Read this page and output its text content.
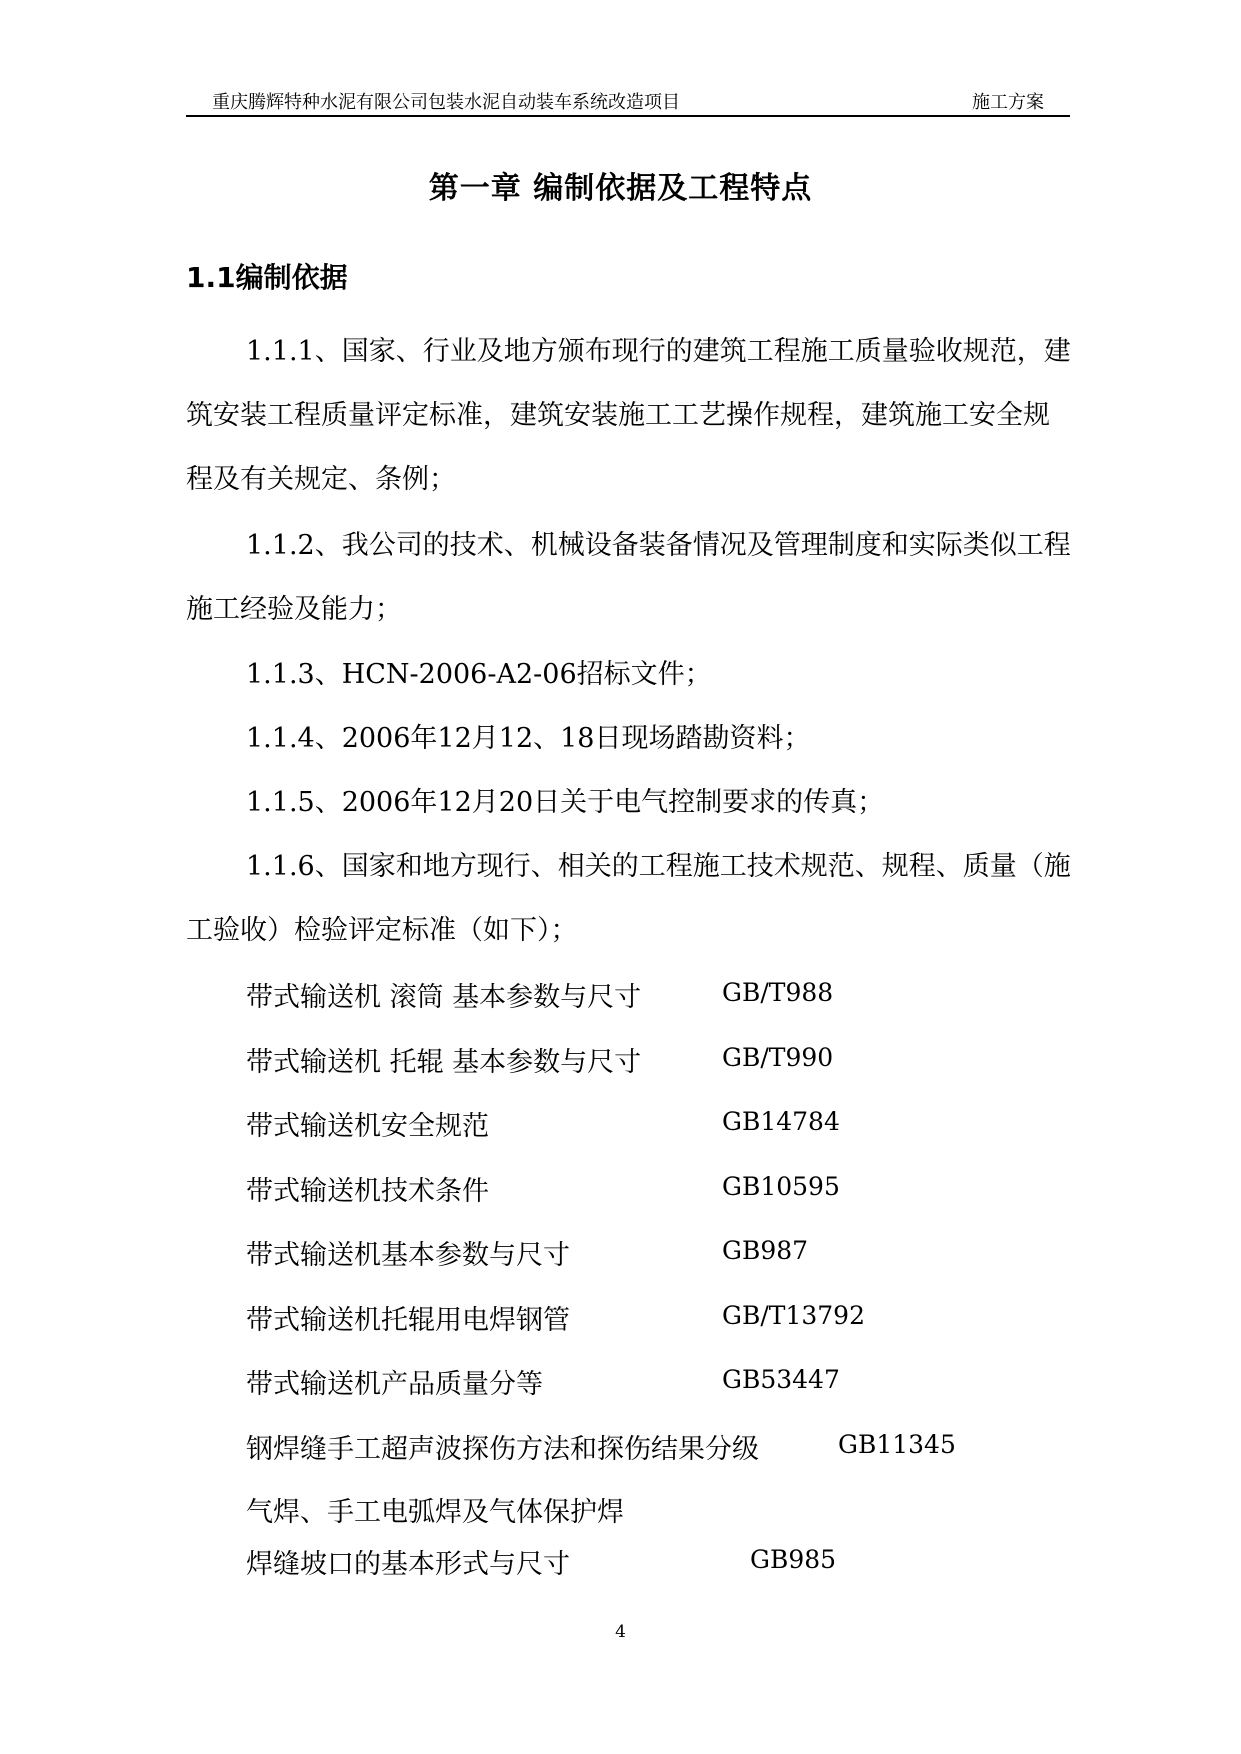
重庆腾辉特种水泥有限公司包装水泥自动装车系统改造项目	施工方案
第一章 编制依据及工程特点
1.1编制依据
1.1.1、国家、行业及地方颁布现行的建筑工程施工质量验收规范，建筑安装工程质量评定标准，建筑安装施工工艺操作规程，建筑施工安全规程及有关规定、条例；
1.1.2、我公司的技术、机械设备装备情况及管理制度和实际类似工程施工经验及能力；
1.1.3、HCN-2006-A2-06招标文件；
1.1.4、2006年12月12、18日现场踏勘资料；
1.1.5、2006年12月20日关于电气控制要求的传真；
1.1.6、国家和地方现行、相关的工程施工技术规范、规程、质量（施工验收）检验评定标准（如下）；
带式输送机 滚筒 基本参数与尺寸	GB/T988
带式输送机 托辊 基本参数与尺寸	GB/T990
带式输送机安全规范	GB14784
带式输送机技术条件	GB10595
带式输送机基本参数与尺寸	GB987
带式输送机托辊用电焊钢管	GB/T13792
带式输送机产品质量分等	GB53447
钢焊缝手工超声波探伤方法和探伤结果分级	GB11345
气焊、手工电弧焊及气体保护焊
焊缝坡口的基本形式与尺寸	GB985
4
